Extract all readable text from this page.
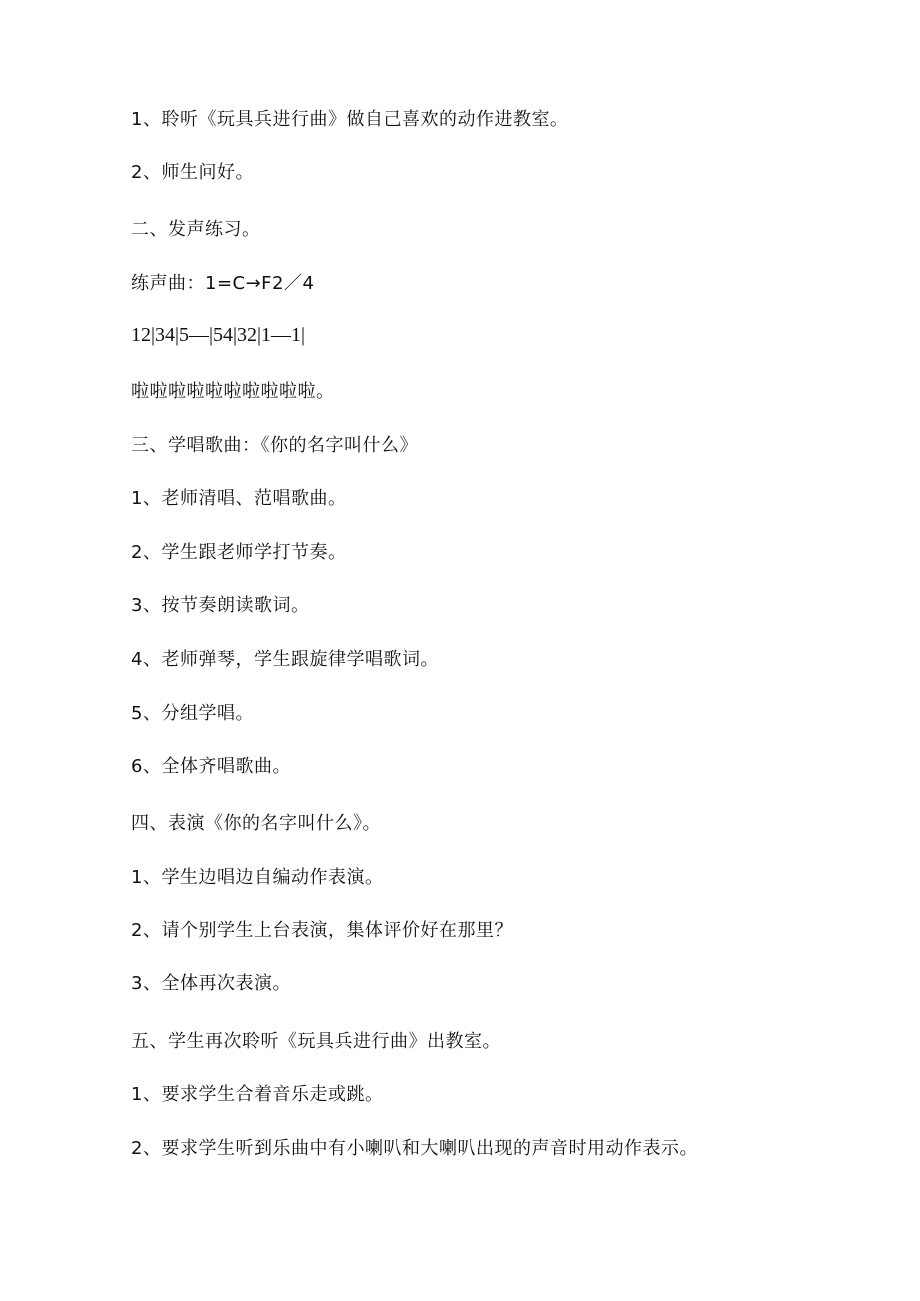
1、聆听《玩具兵进行曲》做自己喜欢的动作进教室。
2、师生问好。
二、发声练习。
练声曲：1=C→F2／4
12|34|5—|54|32|1—1|
啦啦啦啦啦啦啦啦啦啦。
三、学唱歌曲：《你的名字叫什么》
1、老师清唱、范唱歌曲。
2、学生跟老师学打节奏。
3、按节奏朗读歌词。
4、老师弹琴，学生跟旋律学唱歌词。
5、分组学唱。
6、全体齐唱歌曲。
四、表演《你的名字叫什么》。
1、学生边唱边自编动作表演。
2、请个别学生上台表演，集体评价好在那里？
3、全体再次表演。
五、学生再次聆听《玩具兵进行曲》出教室。
1、要求学生合着音乐走或跳。
2、要求学生听到乐曲中有小喇叭和大喇叭出现的声音时用动作表示。
